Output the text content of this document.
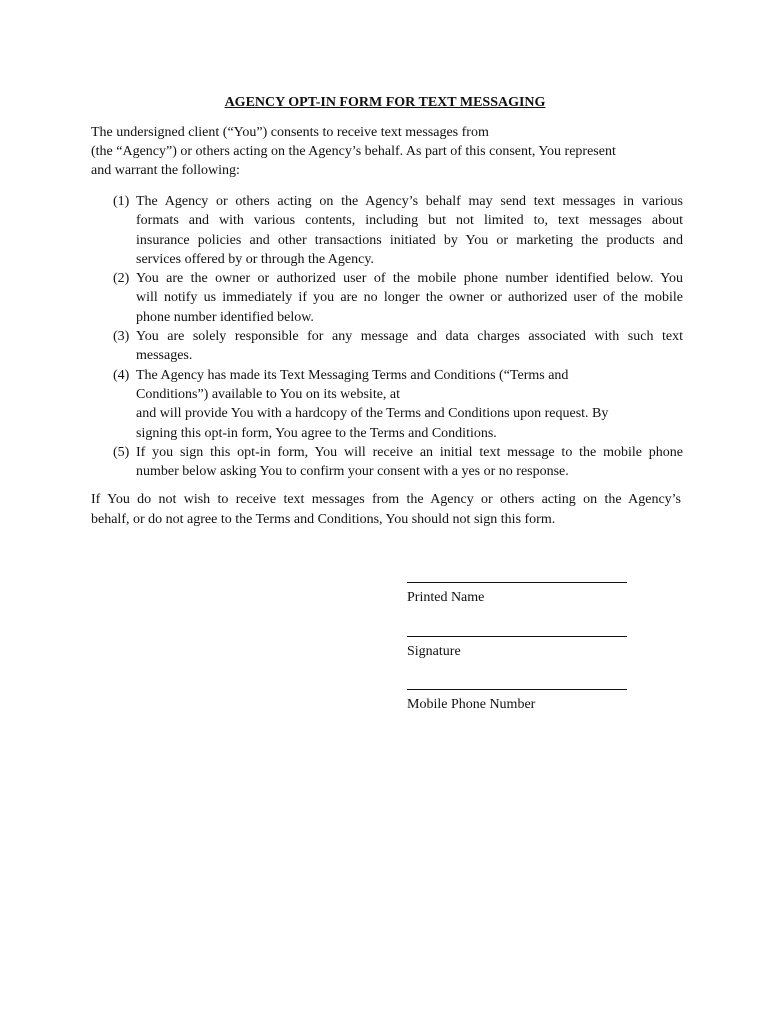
AGENCY OPT-IN FORM FOR TEXT MESSAGING
The undersigned client (“You”) consents to receive text messages from
(the “Agency”) or others acting on the Agency’s behalf. As part of this consent, You represent
and warrant the following:
(1) The Agency or others acting on the Agency’s behalf may send text messages in various
formats and with various contents, including but not limited to, text messages about
insurance policies and other transactions initiated by You or marketing the products and
services offered by or through the Agency.
(2) You are the owner or authorized user of the mobile phone number identified below. You
will notify us immediately if you are no longer the owner or authorized user of the mobile
phone number identified below.
(3) You are solely responsible for any message and data charges associated with such text
messages.
(4) The Agency has made its Text Messaging Terms and Conditions (“Terms and
Conditions”) available to You on its website, at
and will provide You with a hardcopy of the Terms and Conditions upon request. By
signing this opt-in form, You agree to the Terms and Conditions.
(5) If you sign this opt-in form, You will receive an initial text message to the mobile phone
number below asking You to confirm your consent with a yes or no response.
If You do not wish to receive text messages from the Agency or others acting on the Agency’s
behalf, or do not agree to the Terms and Conditions, You should not sign this form.
Printed Name
Signature
Mobile Phone Number
